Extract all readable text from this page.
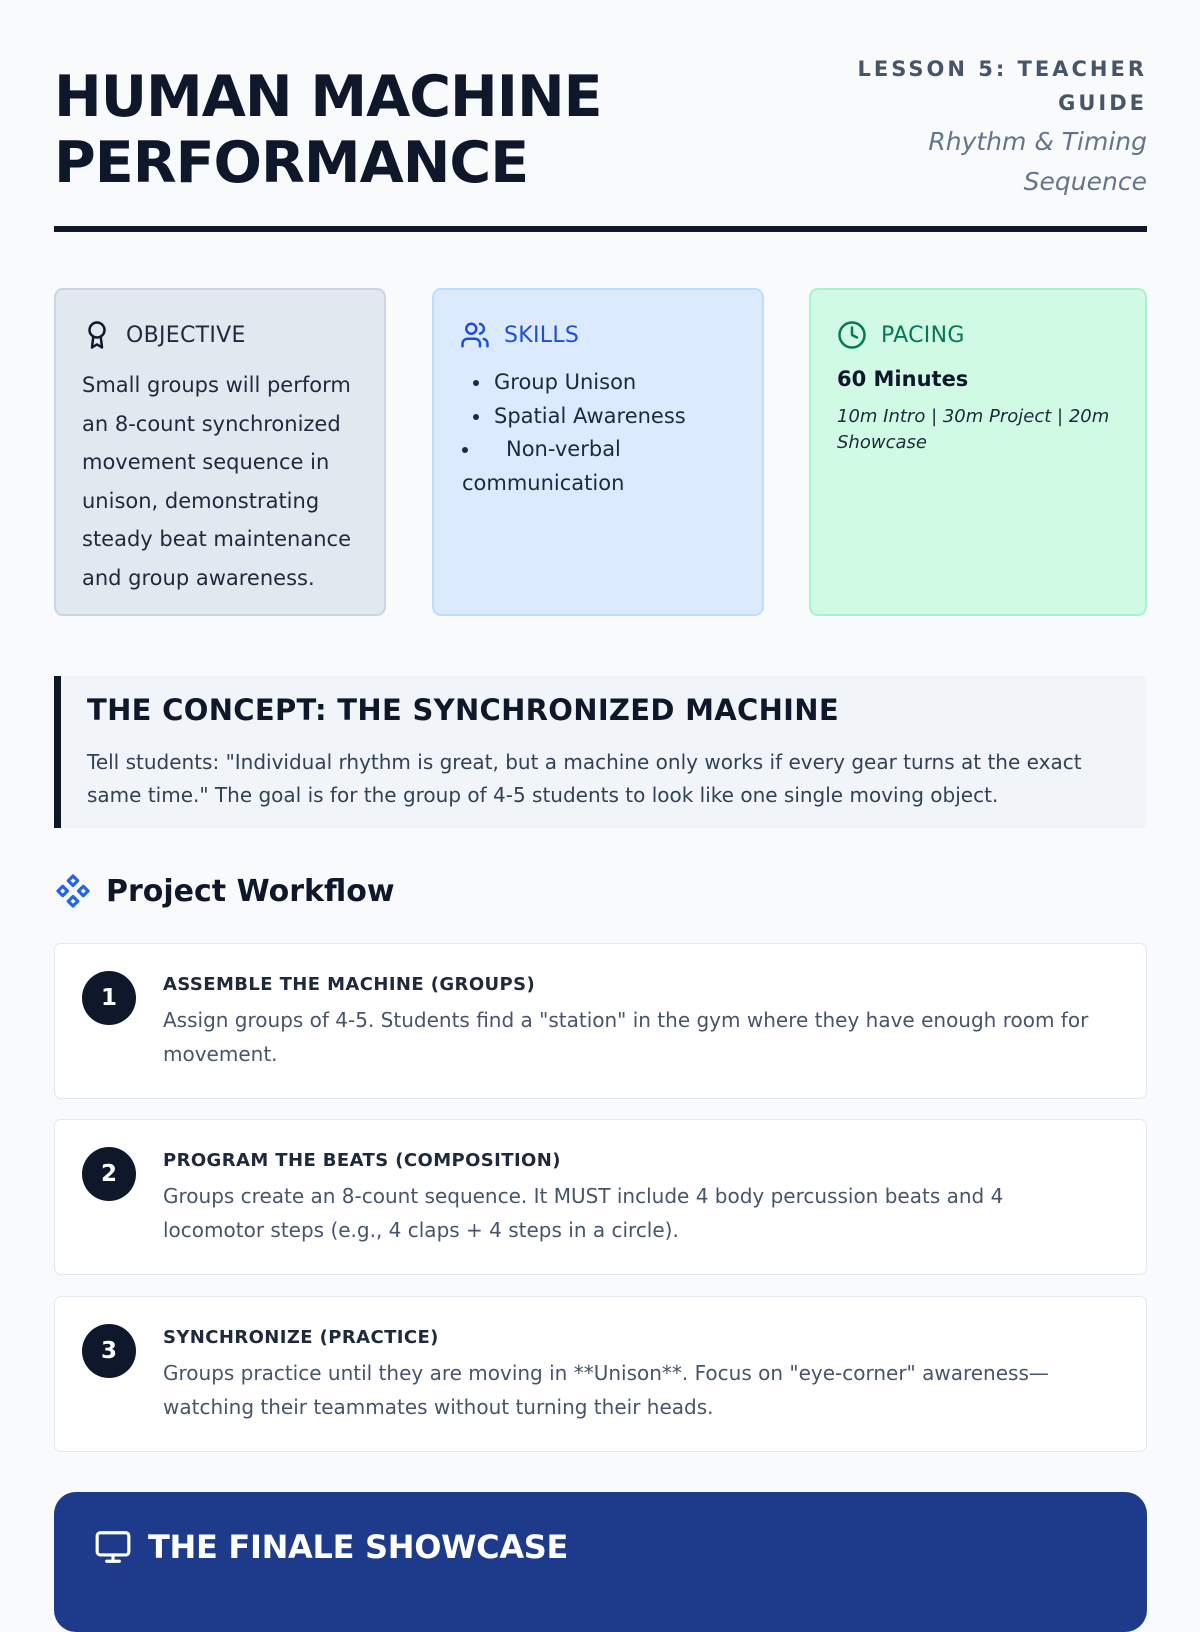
HUMAN MACHINE
PERFORMANCE
LESSON 5: TEACHER
GUIDE
Rhythm & Timing
Sequence
OBJECTIVE
Small groups will perform an 8-count synchronized movement sequence in unison, demonstrating steady beat maintenance and group awareness.
SKILLS
• Group Unison
• Spatial Awareness
• Non-verbal communication
PACING
60 Minutes
10m Intro | 30m Project | 20m Showcase
THE CONCEPT: THE SYNCHRONIZED MACHINE

Tell students: "Individual rhythm is great, but a machine only works if every gear turns at the exact same time." The goal is for the group of 4-5 students to look like one single moving object.

Project Workflow
1
ASSEMBLE THE MACHINE (GROUPS)
Assign groups of 4-5. Students find a "station" in the gym where they have enough room for movement.
2
PROGRAM THE BEATS (COMPOSITION)
Groups create an 8-count sequence. It MUST include 4 body percussion beats and 4 locomotor steps (e.g., 4 claps + 4 steps in a circle).
3
SYNCHRONIZE (PRACTICE)
Groups practice until they are moving in **Unison**. Focus on "eye-corner" awareness—watching their teammates without turning their heads.
THE FINALE SHOWCASE
